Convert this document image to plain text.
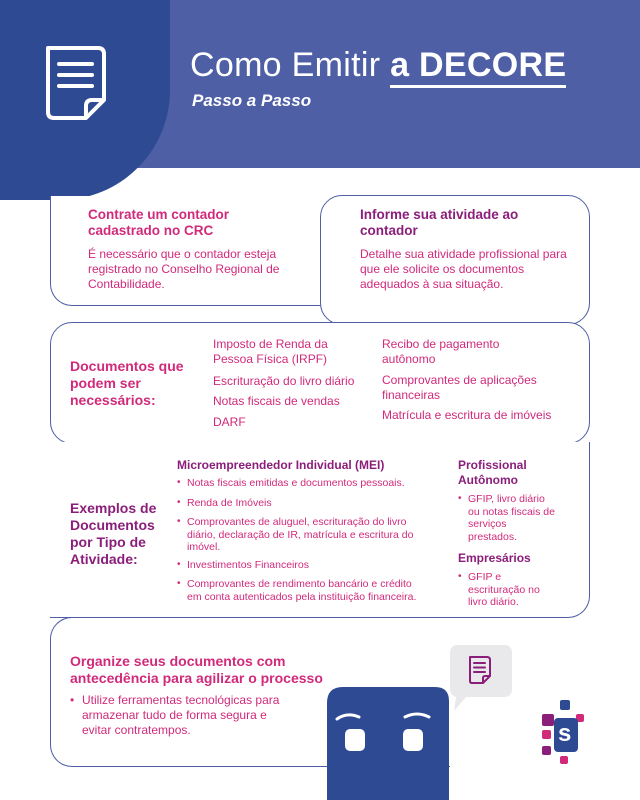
Como Emitir a DECORE
Passo a Passo
Contrate um contador cadastrado no CRC
É necessário que o contador esteja registrado no Conselho Regional de Contabilidade.
Informe sua atividade ao contador
Detalhe sua atividade profissional para que ele solicite os documentos adequados à sua situação.
Documentos que podem ser necessários:
Imposto de Renda da Pessoa Física (IRPF)
Escrituração do livro diário
Notas fiscais de vendas
DARF
Recibo de pagamento autônomo
Comprovantes de aplicações financeiras
Matrícula e escritura de imóveis
Exemplos de Documentos por Tipo de Atividade:
Microempreendedor Individual (MEI)
• Notas fiscais emitidas e documentos pessoais.
• Renda de Imóveis
• Comprovantes de aluguel, escrituração do livro diário, declaração de IR, matrícula e escritura do imóvel.
• Investimentos Financeiros
• Comprovantes de rendimento bancário e crédito em conta autenticados pela instituição financeira.
Profissional Autônomo
• GFIP, livro diário ou notas fiscais de serviços prestados.
Empresários
• GFIP e escrituração no livro diário.
Organize seus documentos com antecedência para agilizar o processo
• Utilize ferramentas tecnológicas para armazenar tudo de forma segura e evitar contratempos.	s
